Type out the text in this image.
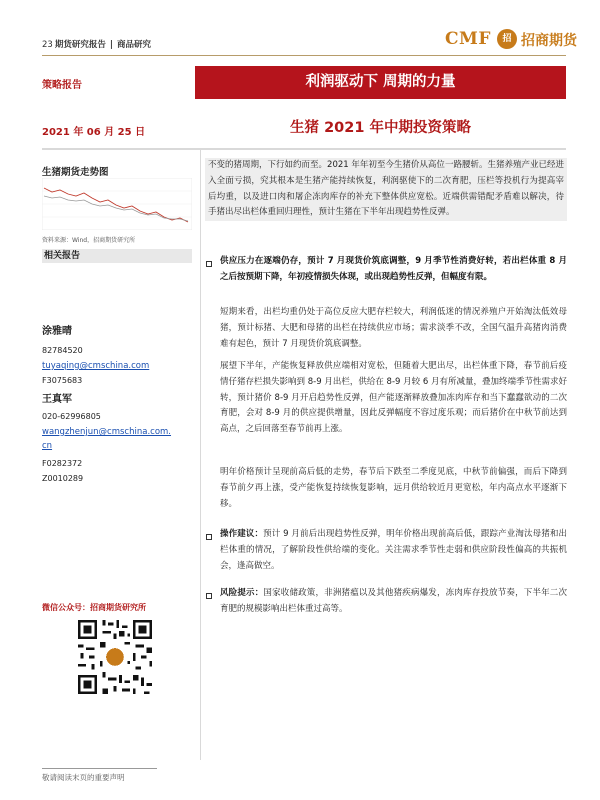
23 期货研究报告 | 商品研究	CMF	招 招商期货
策略报告	利润驱动下 周期的力量
2021 年 06 月 25 日	生猪 2021 年中期投资策略
生猪期货走势图
资料来源：Wind，招商期货研究所
相关报告
涂雅晴
82784520
tuyaqing@cmschina.com
F3075683
王真军
020-62996805
wangzhenjun@cmschina.com.
cn
F0282372
Z0010289
微信公众号：招商期货研究所
不变的猪周期，下行如约而至。2021 年年初至今生猪价从高位一路腰斩。生猪养殖产业已经进入全面亏损，究其根本是生猪产能持续恢复，利润驱使下的二次育肥，压栏等投机行为提高宰后均重，以及进口肉和屠企冻肉库存的补充下整体供应宽松。近端供需错配矛盾难以解决，待手猪出尽出栏体重回归理性，预计生猪在下半年出现趋势性反弹。
供应压力在逐端仍存，预计 7 月现货价筑底调整，9 月季节性消费好转，若出栏体重 8 月之后按预期下降，年初疫情损失体现，或出现趋势性反弹，但幅度有限。
短期来看，出栏均重仍处于高位反应大肥存栏较大，利润低迷的情况养殖户开始淘汰低效母猪，预计标猪、大肥和母猪的出栏在持续供应市场；需求淡季不改，全国气温升高猪肉消费难有起色，预计 7 月现货价筑底调整。
展望下半年，产能恢复释放供应端相对宽松，但随着大肥出尽，出栏体重下降，春节前后疫情仔猪存栏损失影响到 8-9 月出栏，供给在 8-9 月较 6 月有所减量，叠加终端季节性需求好转，预计猪价 8-9 月开启趋势性反弹，但产能逐渐释放叠加冻肉库存和当下蠢蠢欲动的二次育肥，会对 8-9 月的供应提供增量，因此反弹幅度不容过度乐观；而后猪价在中秋节前达到高点，之后回落至春节前再上涨。
明年价格预计呈现前高后低的走势，春节后下跌至二季度见底，中秋节前偏强，而后下降到春节前夕再上涨，受产能恢复持续恢复影响，远月供给较近月更宽松，年内高点水平逐渐下移。
操作建议：预计 9 月前后出现趋势性反弹，明年价格出现前高后低，跟踪产业淘汰母猪和出栏体重的情况，了解阶段性供给端的变化。关注需求季节性走弱和供应阶段性偏高的共振机会，逢高做空。
风险提示：国家收储政策，非洲猪瘟以及其他猪疾病爆发，冻肉库存投放节奏，下半年二次育肥的规模影响出栏体重过高等。
敬请阅读末页的重要声明
